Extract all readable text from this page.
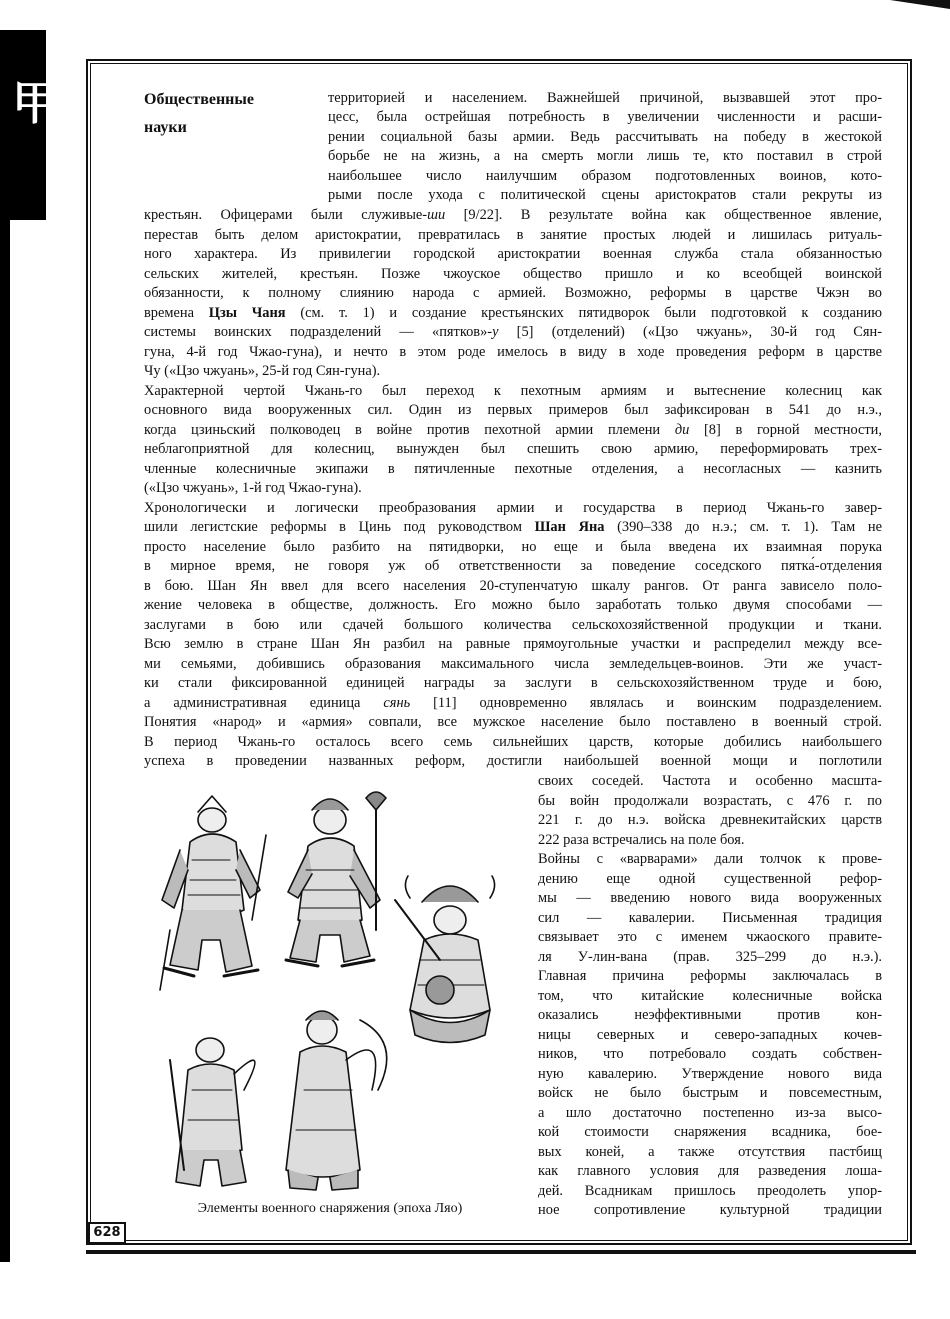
甲
628
Общественные
науки
территорией и населением. Важнейшей причиной, вызвавшей этот про-
цесс, была острейшая потребность в увеличении численности и расши-
рении социальной базы армии. Ведь рассчитывать на победу в жестокой
борьбе не на жизнь, а на смерть могли лишь те, кто поставил в строй
наибольшее число наилучшим образом подготовленных воинов, кото-
рыми после ухода с политической сцены аристократов стали рекруты из
крестьян. Офицерами были служивые-ши [9/22]. В результате война как общественное явление,
перестав быть делом аристократии, превратилась в занятие простых людей и лишилась ритуаль-
ного характера. Из привилегии городской аристократии военная служба стала обязанностью
сельских жителей, крестьян. Позже чжоуское общество пришло и ко всеобщей воинской
обязанности, к полному слиянию народа с армией. Возможно, реформы в царстве Чжэн во
времена Цзы Чаня (см. т. 1) и создание крестьянских пятидворок были подготовкой к созданию
системы воинских подразделений — «пятков»-у [5] (отделений) («Цзо чжуань», 30-й год Сян-
гуна, 4-й год Чжао-гуна), и нечто в этом роде имелось в виду в ходе проведения реформ в царстве
Чу («Цзо чжуань», 25-й год Сян-гуна).
Характерной чертой Чжань-го был переход к пехотным армиям и вытеснение колесниц как
основного вида вооруженных сил. Один из первых примеров был зафиксирован в 541 до н.э.,
когда цзиньский полководец в войне против пехотной армии племени ди [8] в горной местности,
неблагоприятной для колесниц, вынужден был спешить свою армию, переформировать трех-
членные колесничные экипажи в пятичленные пехотные отделения, а несогласных — казнить
(«Цзо чжуань», 1-й год Чжао-гуна).
Хронологически и логически преобразования армии и государства в период Чжань-го завер-
шили легистские реформы в Цинь под руководством Шан Яна (390–338 до н.э.; см. т. 1). Там не
просто население было разбито на пятидворки, но еще и была введена их взаимная порука
в мирное время, не говоря уж об ответственности за поведение соседского пятка́-отделения
в бою. Шан Ян ввел для всего населения 20-ступенчатую шкалу рангов. От ранга зависело поло-
жение человека в обществе, должность. Его можно было заработать только двумя способами —
заслугами в бою или сдачей большого количества сельскохозяйственной продукции и ткани.
Всю землю в стране Шан Ян разбил на равные прямоугольные участки и распределил между все-
ми семьями, добившись образования максимального числа земледельцев-воинов. Эти же участ-
ки стали фиксированной единицей награды за заслуги в сельскохозяйственном труде и бою,
а административная единица сянь [11] одновременно являлась и воинским подразделением.
Понятия «народ» и «армия» совпали, все мужское население было поставлено в военный строй.
В период Чжань-го осталось всего семь сильнейших царств, которые добились наибольшего
успеха в проведении названных реформ, достигли наибольшей военной мощи и поглотили
своих соседей. Частота и особенно масшта-
бы войн продолжали возрастать, с 476 г. по
221 г. до н.э. войска древнекитайских царств
222 раза встречались на поле боя.
Войны с «варварами» дали толчок к прове-
дению еще одной существенной рефор-
мы — введению нового вида вооруженных
сил — кавалерии. Письменная традиция
связывает это с именем чжаоского правите-
ля У-лин-вана (прав. 325–299 до н.э.).
Главная причина реформы заключалась в
том, что китайские колесничные войска
оказались неэффективными против кон-
ницы северных и северо-западных кочев-
ников, что потребовало создать собствен-
ную кавалерию. Утверждение нового вида
войск не было быстрым и повсеместным,
а шло достаточно постепенно из-за высо-
кой стоимости снаряжения всадника, бое-
вых коней, а также отсутствия пастбищ
как главного условия для разведения лоша-
дей. Всадникам пришлось преодолеть упор-
ное сопротивление культурной традиции
Элементы военного снаряжения (эпоха Ляо)
